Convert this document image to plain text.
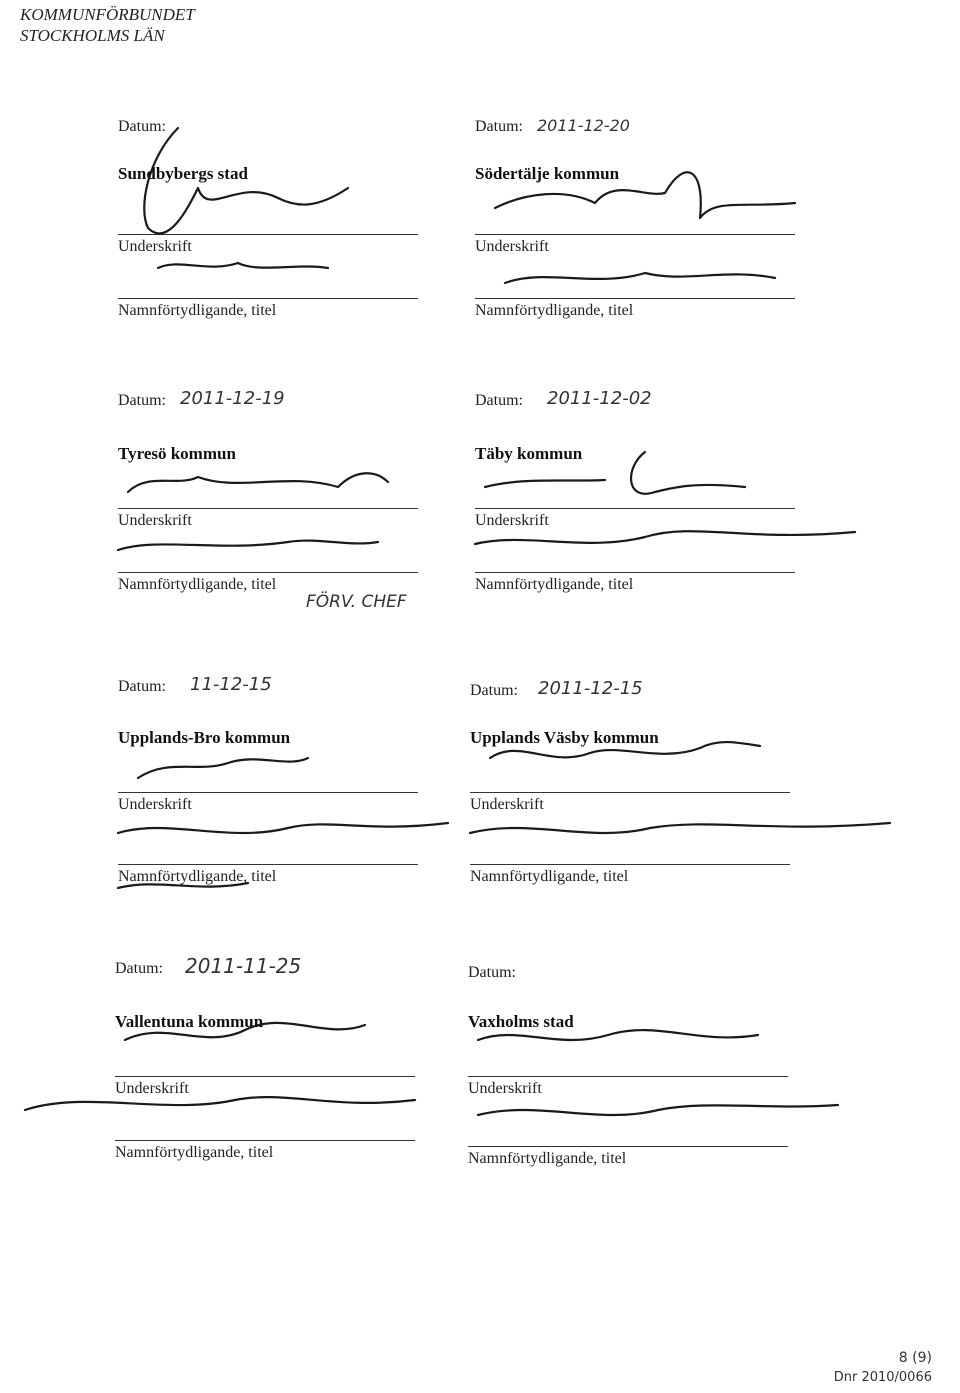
KOMMUNFÖRBUNDET
STOCKHOLMS LÄN
Datum:
Sundbybergs stad
Underskrift
Namnförtydligande, titel
Datum: 2011-12-20
Södertälje kommun
Underskrift
Namnförtydligande, titel
Datum: 2011-12-19
Tyresö kommun
Underskrift
Namnförtydligande, titel
FÖRV. CHEF
Datum: 2011-12-02
Täby kommun
Underskrift
Namnförtydligande, titel
Datum: 11-12-15
Upplands-Bro kommun
Underskrift
Namnförtydligande, titel
Datum: 2011-12-15
Upplands Väsby kommun
Underskrift
Namnförtydligande, titel
Datum: 2011-11-25
Vallentuna kommun
Underskrift
Namnförtydligande, titel
Datum:
Vaxholms stad
Underskrift
Namnförtydligande, titel
8 (9)
Dnr 2010/0066
